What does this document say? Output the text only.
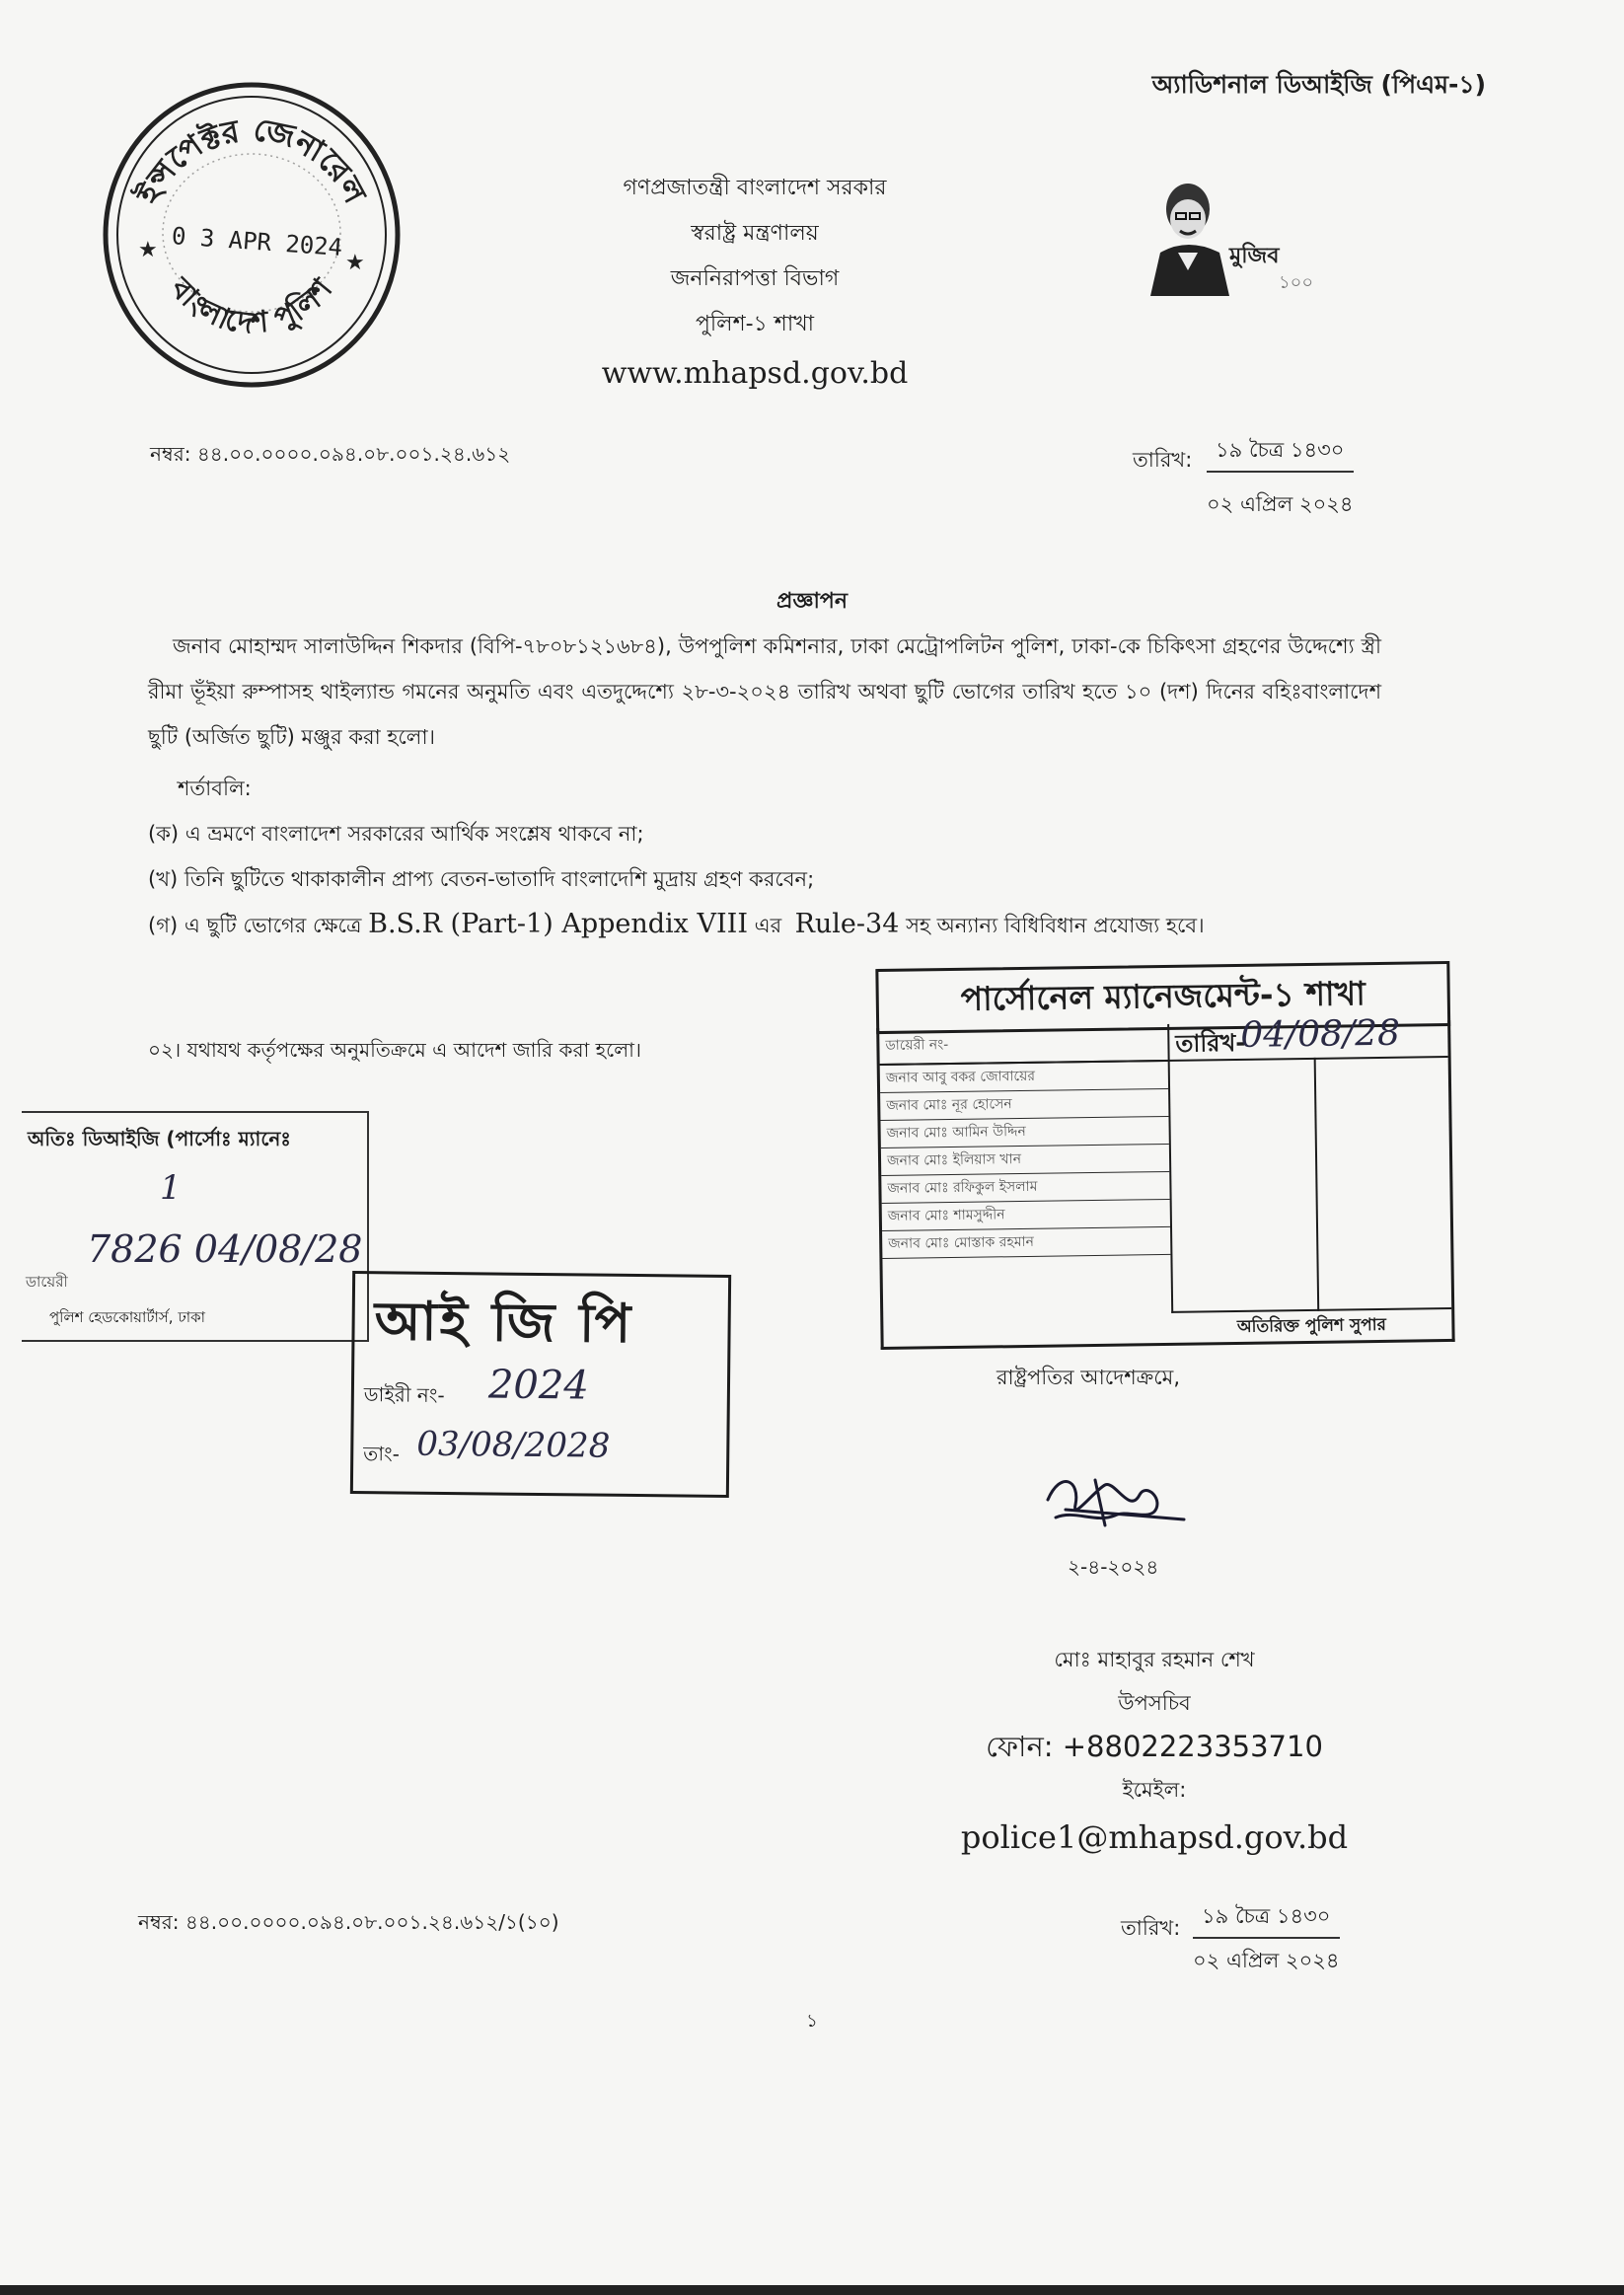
অ্যাডিশনাল ডিআইজি (পিএম-১)
ইন্সপেক্টর জেনারেল
বাংলাদেশ পুলিশ
★
★
0 3 APR 2024
গণপ্রজাতন্ত্রী বাংলাদেশ সরকার
স্বরাষ্ট্র মন্ত্রণালয়
জননিরাপত্তা বিভাগ
পুলিশ-১ শাখা
www.mhapsd.gov.bd
মুজিব
১০০
নম্বর: ৪৪.০০.০০০০.০৯৪.০৮.০০১.২৪.৬১২	তারিখ:	১৯ চৈত্র ১৪৩০
০২ এপ্রিল ২০২৪
প্রজ্ঞাপন
জনাব মোহাম্মদ সালাউদ্দিন শিকদার (বিপি-৭৮০৮১২১৬৮৪), উপপুলিশ কমিশনার, ঢাকা মেট্রোপলিটন পুলিশ, ঢাকা-কে চিকিৎসা গ্রহণের উদ্দেশ্যে স্ত্রী রীমা ভূঁইয়া রুম্পাসহ থাইল্যান্ড গমনের অনুমতি এবং এতদুদ্দেশ্যে ২৮-৩-২০২৪ তারিখ অথবা ছুটি ভোগের তারিখ হতে ১০ (দশ) দিনের বহিঃবাংলাদেশ ছুটি (অর্জিত ছুটি) মঞ্জুর করা হলো।
শর্তাবলি:
(ক) এ ভ্রমণে বাংলাদেশ সরকারের আর্থিক সংশ্লেষ থাকবে না;
(খ) তিনি ছুটিতে থাকাকালীন প্রাপ্য বেতন-ভাতাদি বাংলাদেশি মুদ্রায় গ্রহণ করবেন;
(গ) এ ছুটি ভোগের ক্ষেত্রে B.S.R (Part-1) Appendix VIII এর Rule-34 সহ অন্যান্য বিধিবিধান প্রযোজ্য হবে।
০২। যথাযথ কর্তৃপক্ষের অনুমতিক্রমে এ আদেশ জারি করা হলো।
পার্সোনেল ম্যানেজমেন্ট-১ শাখা
ডায়েরী নং-
জনাব আবু বকর জোবায়ের
জনাব মোঃ নূর হোসেন
জনাব মোঃ আমিন উদ্দিন
জনাব মোঃ ইলিয়াস খান
জনাব মোঃ রফিকুল ইসলাম
জনাব মোঃ শামসুদ্দীন
জনাব মোঃ মোস্তাক রহমান
তারিখ-
04/08/28
অতিরিক্ত পুলিশ সুপার
অতিঃ ডিআইজি (পার্সোঃ ম্যানেঃ
1
7826 04/08/28
ডায়েরী
পুলিশ হেডকোয়ার্টার্স, ঢাকা	আই জি পি
ডাইরী নং- 2024
তাং- 03/08/2028
রাষ্ট্রপতির আদেশক্রমে,
২-৪-২০২৪
মোঃ মাহাবুর রহমান শেখ
উপসচিব
ফোন: +8802223353710
ইমেইল:
police1@mhapsd.gov.bd
নম্বর: ৪৪.০০.০০০০.০৯৪.০৮.০০১.২৪.৬১২/১(১০)	তারিখ:	১৯ চৈত্র ১৪৩০
০২ এপ্রিল ২০২৪
১
